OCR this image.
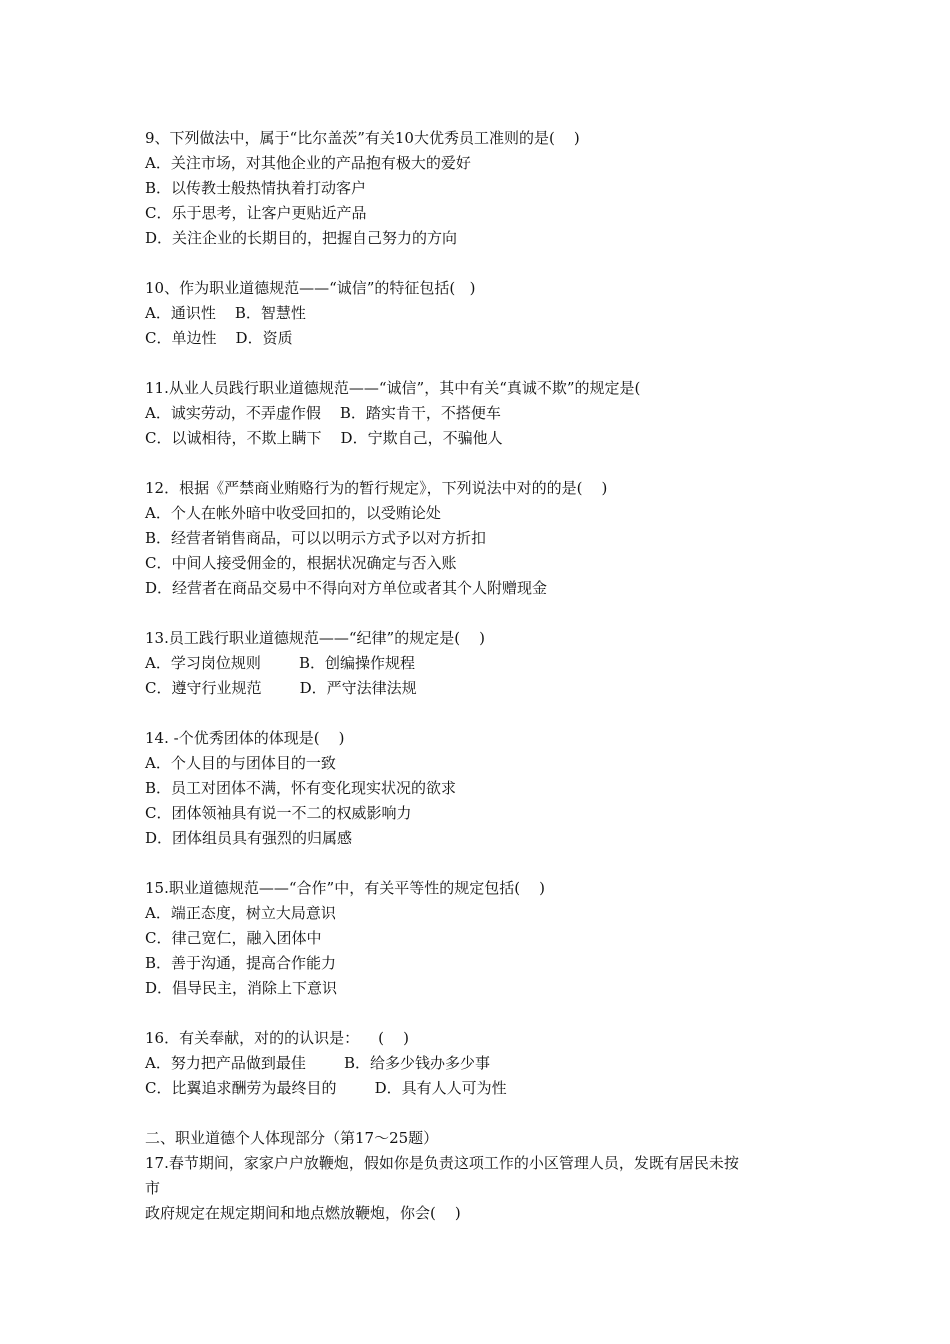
9、下列做法中，属于“比尔盖茨”有关10大优秀员工准则的是(    )
A．关注市场，对其他企业的产品抱有极大的爱好
B．以传教士般热情执着打动客户
C．乐于思考，让客户更贴近产品
D．关注企业的长期目的，把握自己努力的方向
10、作为职业道德规范——“诚信”的特征包括(   )
A．通识性    B．智慧性
C．单边性    D．资质
11.从业人员践行职业道德规范——“诚信”，其中有关“真诚不欺”的规定是(
A．诚实劳动，不弄虚作假    B．踏实肯干，不搭便车
C．以诚相待，不欺上瞒下    D．宁欺自己，不骗他人
12．根据《严禁商业贿赂行为的暂行规定》，下列说法中对的的是(    )
A．个人在帐外暗中收受回扣的，以受贿论处
B．经营者销售商品，可以以明示方式予以对方折扣
C．中间人接受佣金的，根据状况确定与否入账
D．经营者在商品交易中不得向对方单位或者其个人附赠现金
13.员工践行职业道德规范——“纪律”的规定是(    )
A．学习岗位规则        B．创编操作规程
C．遵守行业规范        D．严守法律法规
14. -个优秀团体的体现是(    )
A．个人目的与团体目的一致
B．员工对团体不满，怀有变化现实状况的欲求
C．团体领袖具有说一不二的权威影响力
D．团体组员具有强烈的归属感
15.职业道德规范——“合作”中，有关平等性的规定包括(    )
A．端正态度，树立大局意识
C．律己宽仁，融入团体中
B．善于沟通，提高合作能力
D．倡导民主，消除上下意识
16．有关奉献，对的的认识是：    (    )
A．努力把产品做到最佳        B．给多少钱办多少事
C．比翼追求酬劳为最终目的        D．具有人人可为性
二、职业道德个人体现部分（第17～25题）
17.春节期间，家家户户放鞭炮，假如你是负责这项工作的小区管理人员，发既有居民未按
市
政府规定在规定期间和地点燃放鞭炮，你会(    )
